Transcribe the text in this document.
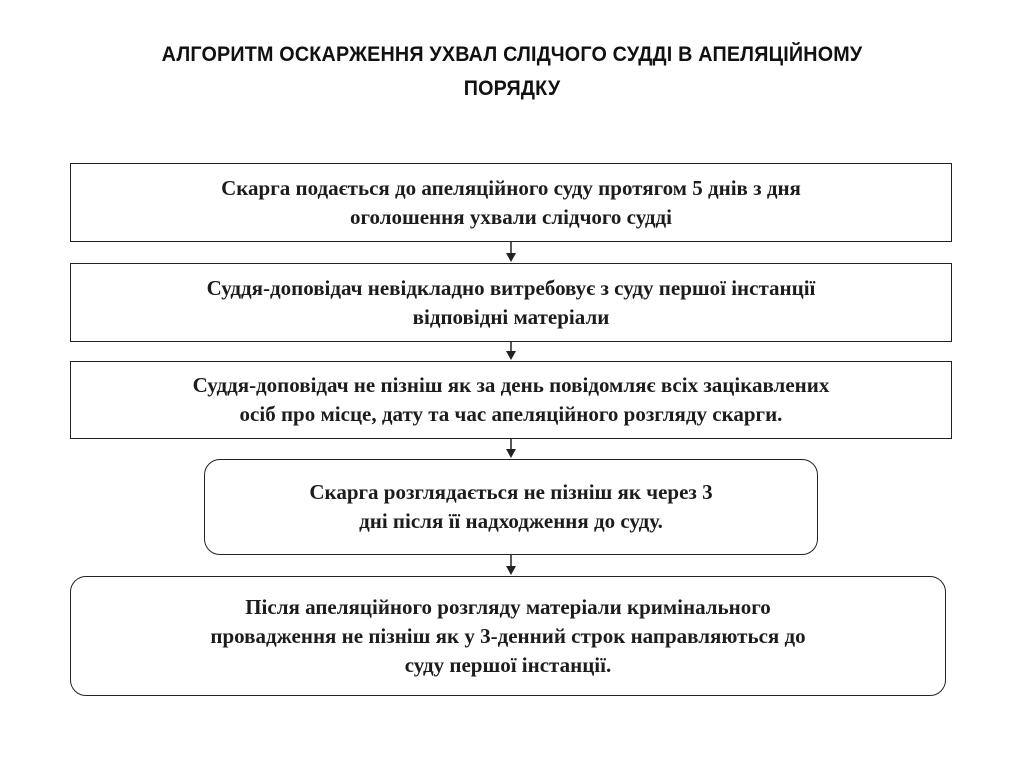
АЛГОРИТМ ОСКАРЖЕННЯ УХВАЛ СЛІДЧОГО СУДДІ В АПЕЛЯЦІЙНОМУ
ПОРЯДКУ
Скарга подається до апеляційного суду протягом 5 днів з дня
оголошення ухвали слідчого судді
Суддя-доповідач невідкладно витребовує з суду першої інстанції
відповідні матеріали
Суддя-доповідач не пізніш як за день повідомляє всіх зацікавлених
осіб про місце, дату та час апеляційного розгляду скарги.
Скарга розглядається не пізніш як через 3
дні після її надходження до суду.
Після апеляційного розгляду матеріали кримінального
провадження не пізніш як у 3-денний строк направляються до
суду першої інстанції.
